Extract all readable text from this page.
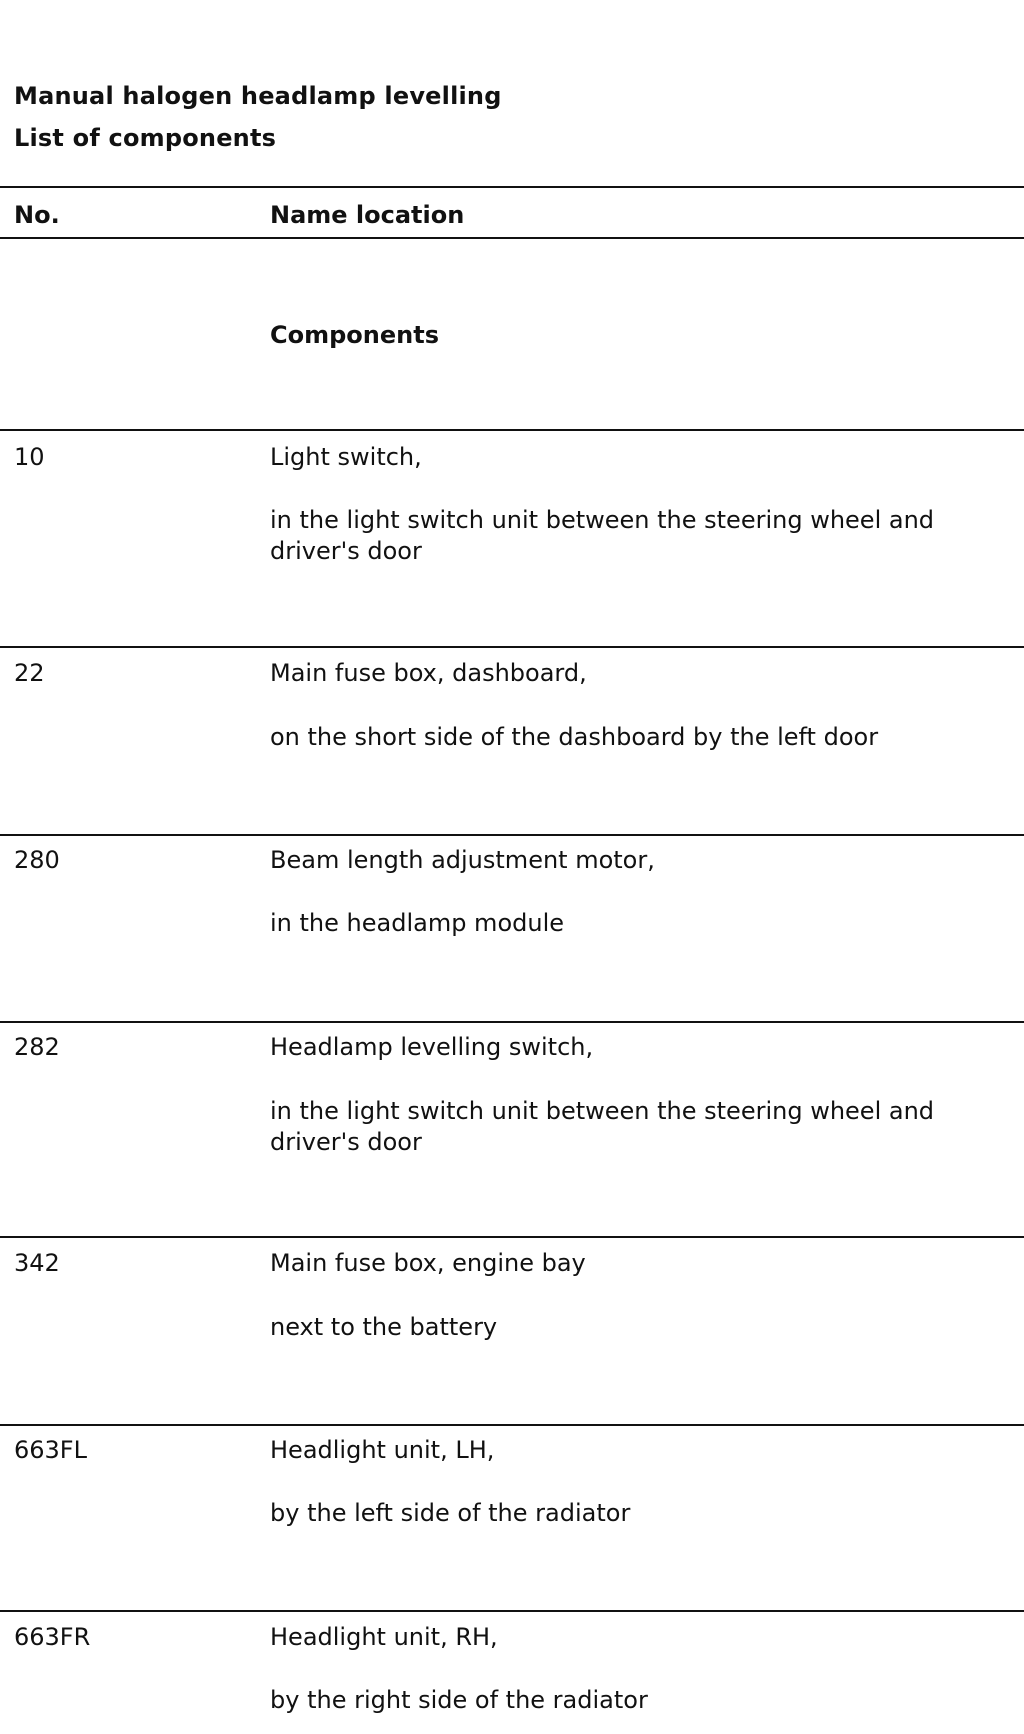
Manual halogen headlamp levelling
List of components
No.	Name location
Components
10	Light switch,
in the light switch unit between the steering wheel and driver's door
22	Main fuse box, dashboard,
on the short side of the dashboard by the left door
280	Beam length adjustment motor,
in the headlamp module
282	Headlamp levelling switch,
in the light switch unit between the steering wheel and driver's door
342	Main fuse box, engine bay
next to the battery
663FL	Headlight unit, LH,
by the left side of the radiator
663FR	Headlight unit, RH,
by the right side of the radiator
